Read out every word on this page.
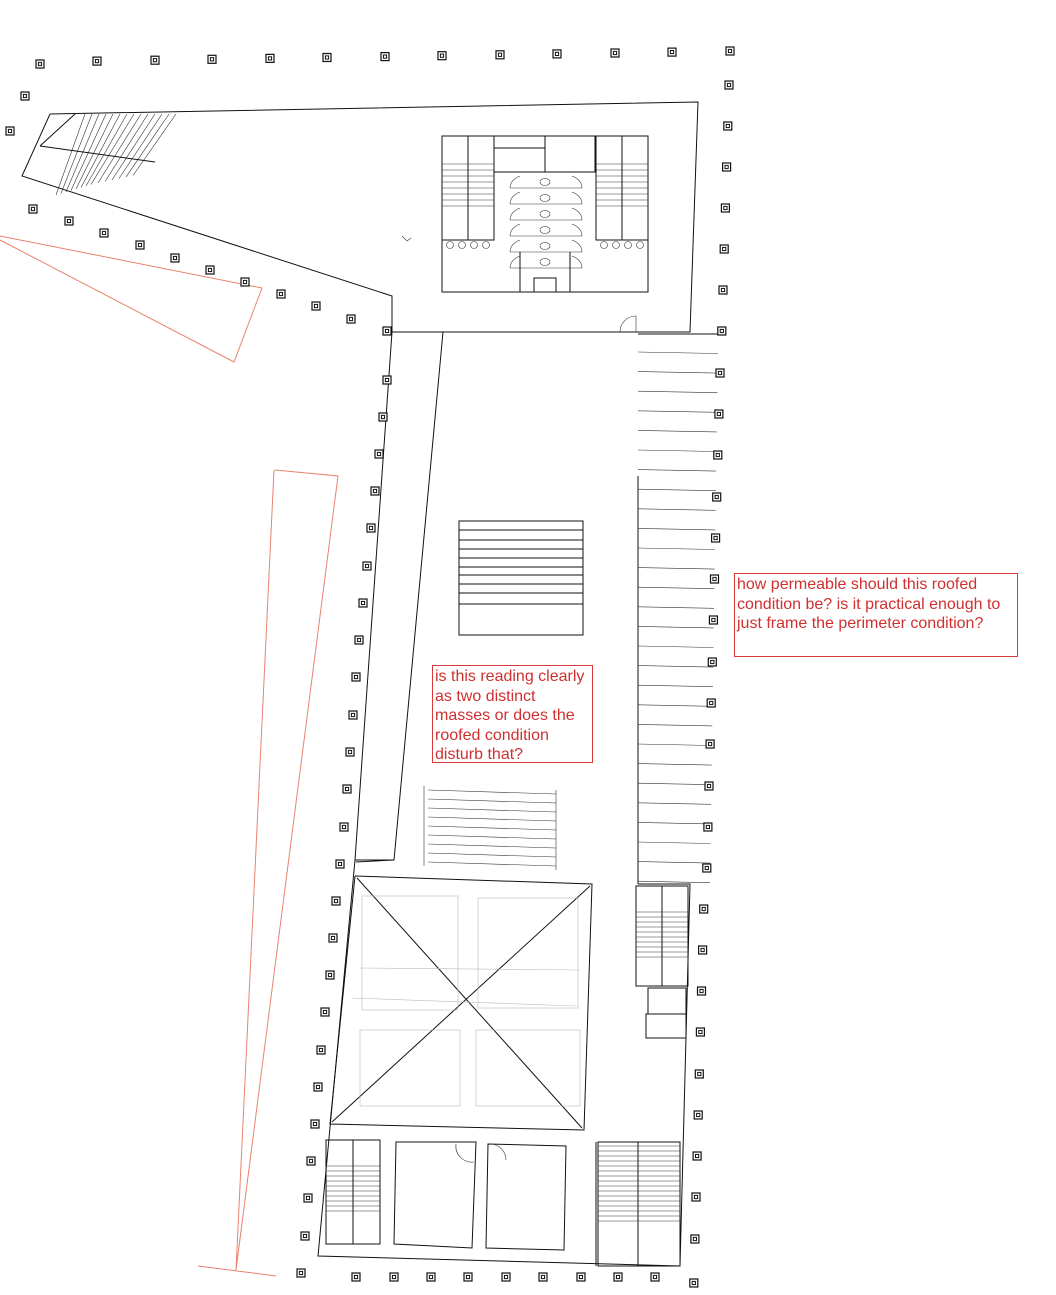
is this reading clearly as two distinct masses or does the roofed condition disturb that?
how permeable should this roofed condition be? is it practical enough to just frame the perimeter condition?
